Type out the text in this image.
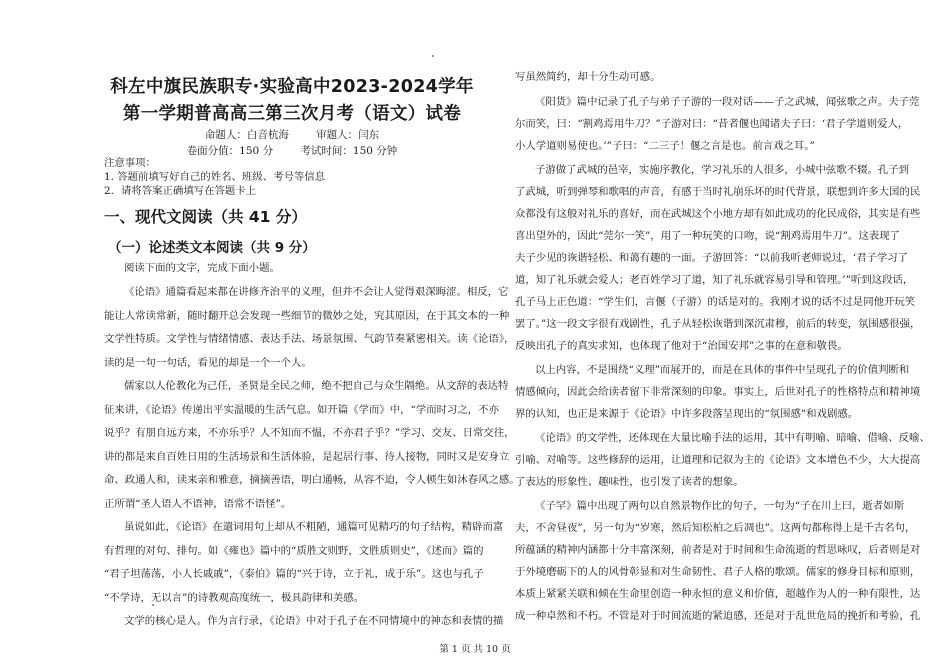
科左中旗民族职专·实验高中2023-2024学年
第一学期普高高三第三次月考（语文）试卷
命题人：白音杭海	审题人：闫东
卷面分值：150 分	考试时间：150 分钟
注意事项：
1. 答题前填写好自己的姓名、班级、考号等信息
2．请将答案正确填写在答题卡上
一、现代文阅读（共 41 分）
（一）论述类文本阅读（共 9 分）
阅读下面的文字，完成下面小题。
《论语》通篇看起来都在讲修齐治平的义理，但并不会让人觉得艰深晦涩。相反，它
能让人常读常新，随时翻开总会发现一些细节的微妙之处，究其原因，在于其文本的一种
文学性特质。文学性与情绪情感、表达手法、场景氛围、气韵节奏紧密相关。读《论语》，
读的是一句一句话，看见的却是一个一个人。
儒家以人伦教化为己任，圣贤是全民之师，绝不把自己与众生隔绝。从文辞的表达特
征来讲，《论语》传递出平实温暖的生活气息。如开篇《学而》中，“学而时习之，不亦
说乎？有朋自远方来，不亦乐乎？人不知而不愠，不亦君子乎？”学习、交友、日常交往，
讲的都是来自百姓日用的生活场景和生活体验，是起居行事、待人接物，同时又是安身立
命、政通人和，读来亲和雅意，摘摘善语，明白通畅，从容不迫，令人顿生如沐春风之感。
正所谓“圣人语人不语神，语常不语怪”。
虽说如此，《论语》在遣词用句上却从不粗陋，通篇可见精巧的句子结构，精辟而富
有哲理的对句、排句。如《雍也》篇中的“质胜文则野，文胜质则史”，《述而》篇的
“君子坦荡荡，小人长戚戚”，《泰伯》篇的“兴于诗，立于礼，成于乐”。这也与孔子
“不学诗，无以言”的诗教观高度统一，极具韵律和美感。
文学的核心是人。作为言行录，《论语》中对于孔子在不同情境中的神态和表情的描
写虽然简约，却十分生动可感。
《阳货》篇中记录了孔子与弟子子游的一段对话——子之武城，闻弦歌之声。夫子莞
尔而笑，曰：“割鸡焉用牛刀？”子游对曰：“昔者偃也闻诸夫子曰：‘君子学道则爱人，
小人学道则易使也。’”子曰：“二三子！偃之言是也。前言戏之耳。”
子游做了武城的邑宰，实施序教化，学习礼乐的人很多，小城中弦歌不辍。孔子到
了武城，听到弹琴和歌唱的声音，有感于当时礼崩乐坏的时代背景，联想到许多大国的民
众都没有这般对礼乐的喜好，而在武城这个小地方却有如此成功的化民成俗，其实是有些
喜出望外的，因此“莞尔一笑”，用了一种玩笑的口吻，说“割鸡焉用牛刀”。这表现了
夫子少见的诙谐轻松、和蔼有趣的一面。子游回答：“以前我听老师说过，‘君子学习了
道，知了礼乐就会爱人；老百姓学习了道，知了礼乐就容易引导和管理。’”听到这段话，
孔子马上正色道：“学生们，言偃（子游）的话是对的。我刚才说的话不过是同他开玩笑
罢了。”这一段文字很有戏剧性，孔子从轻松诙谐到深沉肃穆，前后的转变，氛围感很强，
反映出孔子的真实求知，也体现了他对于“治国安邦”之事的在意和敬畏。
以上内容，不是围绕“义理”而展开的，而是在具体的事件中呈现孔子的价值判断和
情感倾向，因此会给读者留下非常深刻的印象。事实上，后世对孔子的性格特点和精神境
界的认知，也正是来源于《论语》中许多段落呈现出的“氛围感”和戏剧感。
《论语》的文学性，还体现在大量比喻手法的运用，其中有明喻、暗喻、借喻、反喻、
引喻、对喻等。这些修辞的运用，让道理和记叙为主的《论语》文本增色不少，大大提高
了表达的形象性、趣味性，也引发了读者的想象。
《子罕》篇中出现了两句以自然景物作比的句子，一句为“子在川上曰，逝者如斯
夫，不舍昼夜”，另一句为“岁寒，然后知松柏之后凋也”。这两句都称得上是千古名句，
所蕴涵的精神内涵都十分丰富深刻，前者是对于时间和生命流逝的哲思咏叹，后者则是对
于外境磨砺下的人的风骨彰显和对生命韧性、君子人格的歌颂。儒家的修身目标和原则，
本质上紧紧关联和倾在生命里创造一种永恒的意义和价值，超越作为人的一种有限性，达
成一种卓然和不朽。不管是对于时间流逝的紧迫感，还是对于乱世危局的挽折和考验，孔
第 1 页 共 10 页
